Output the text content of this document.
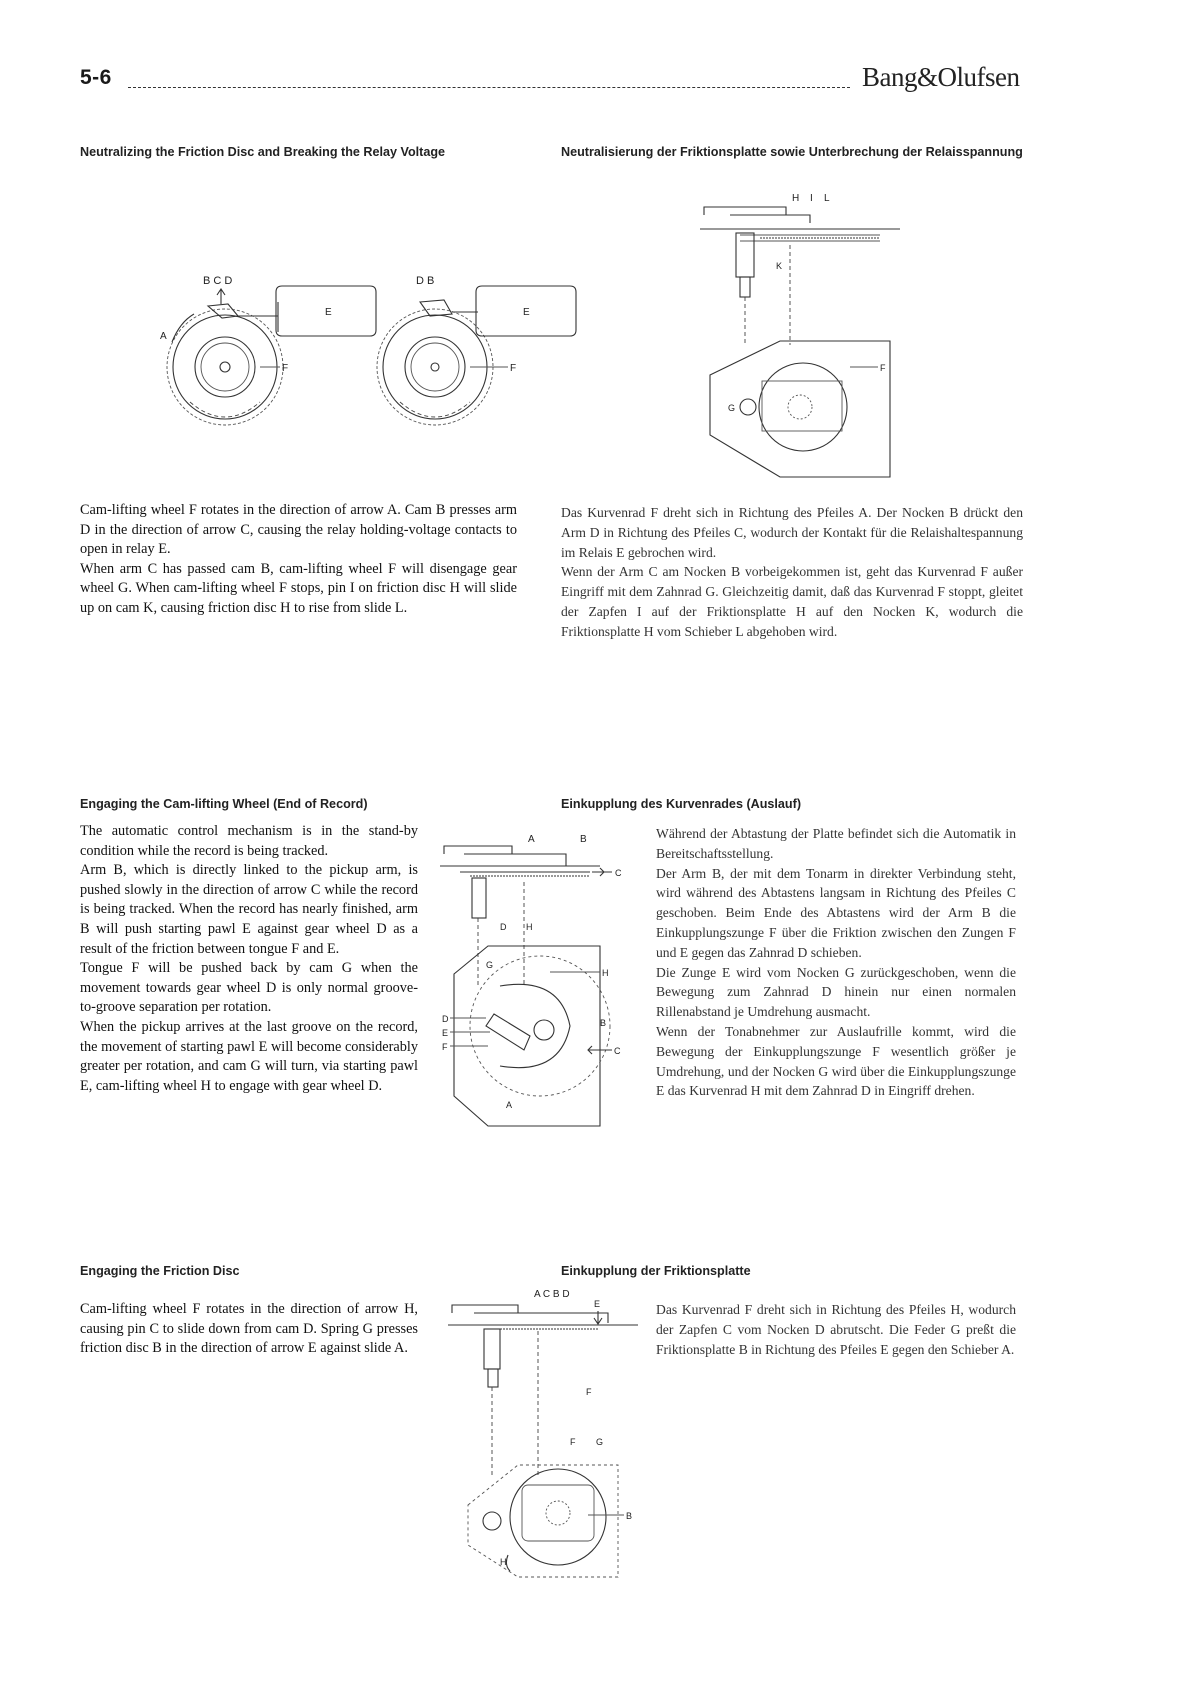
5-6	Bang&Olufsen
Neutralizing the Friction Disc and Breaking the Relay Voltage	Neutralisierung der Friktionsplatte sowie Unterbrechung der Relaisspannung
B C D
E
A
F
D B
E
F
H I L
K
G
F

Cam-lifting wheel F rotates in the direction of arrow A. Cam B presses arm D in the direction of arrow C, causing the relay holding-voltage contacts to open in relay E.

When arm C has passed cam B, cam-lifting wheel F will disengage gear wheel G. When cam-lifting wheel F stops, pin I on friction disc H will slide up on cam K, causing friction disc H to rise from slide L.

Das Kurvenrad F dreht sich in Richtung des Pfeiles A. Der Nocken B drückt den Arm D in Richtung des Pfeiles C, wodurch der Kontakt für die Relaishaltespannung im Relais E gebrochen wird.

Wenn der Arm C am Nocken B vorbeigekommen ist, geht das Kurvenrad F außer Eingriff mit dem Zahnrad G. Gleichzeitig damit, daß das Kurvenrad F stoppt, gleitet der Zapfen I auf der Friktionsplatte H auf den Nocken K, wodurch die Friktionsplatte H vom Schieber L abgehoben wird.

Engaging the Cam-lifting Wheel (End of Record)	Einkupplung des Kurvenrades (Auslauf)

The automatic control mechanism is in the stand-by condition while the record is being tracked.

Arm B, which is directly linked to the pickup arm, is pushed slowly in the direction of arrow C while the record is being tracked. When the record has nearly finished, arm B will push starting pawl E against gear wheel D as a result of the friction between tongue F and E.

Tongue F will be pushed back by cam G when the movement towards gear wheel D is only normal groove-to-groove separation per rotation.

When the pickup arrives at the last groove on the record, the movement of starting pawl E will become considerably greater per rotation, and cam G will turn, via starting pawl E, cam-lifting wheel H to engage with gear wheel D.

A	B
C
D H
G
H
B
D
E
F	C
A

Während der Abtastung der Platte befindet sich die Automatik in Bereitschaftsstellung.

Der Arm B, der mit dem Tonarm in direkter Verbindung steht, wird während des Abtastens langsam in Richtung des Pfeiles C geschoben. Beim Ende des Abtastens wird der Arm B die Einkupplungszunge F über die Friktion zwischen den Zungen F und E gegen das Zahnrad D schieben.

Die Zunge E wird vom Nocken G zurückgeschoben, wenn die Bewegung zum Zahnrad D hinein nur einen normalen Rillenabstand je Umdrehung ausmacht.

Wenn der Tonabnehmer zur Auslaufrille kommt, wird die Bewegung der Einkupplungszunge F wesentlich größer je Umdrehung, und der Nocken G wird über die Einkupplungszunge E das Kurvenrad H mit dem Zahnrad D in Eingriff drehen.

Engaging the Friction Disc	Einkupplung der Friktionsplatte

Cam-lifting wheel F rotates in the direction of arrow H, causing pin C to slide down from cam D. Spring G presses friction disc B in the direction of arrow E against slide A.

A C B D
E
F
F G
B
H

Das Kurvenrad F dreht sich in Richtung des Pfeiles H, wodurch der Zapfen C vom Nocken D abrutscht. Die Feder G preßt die Friktionsplatte B in Richtung des Pfeiles E gegen den Schieber A.
